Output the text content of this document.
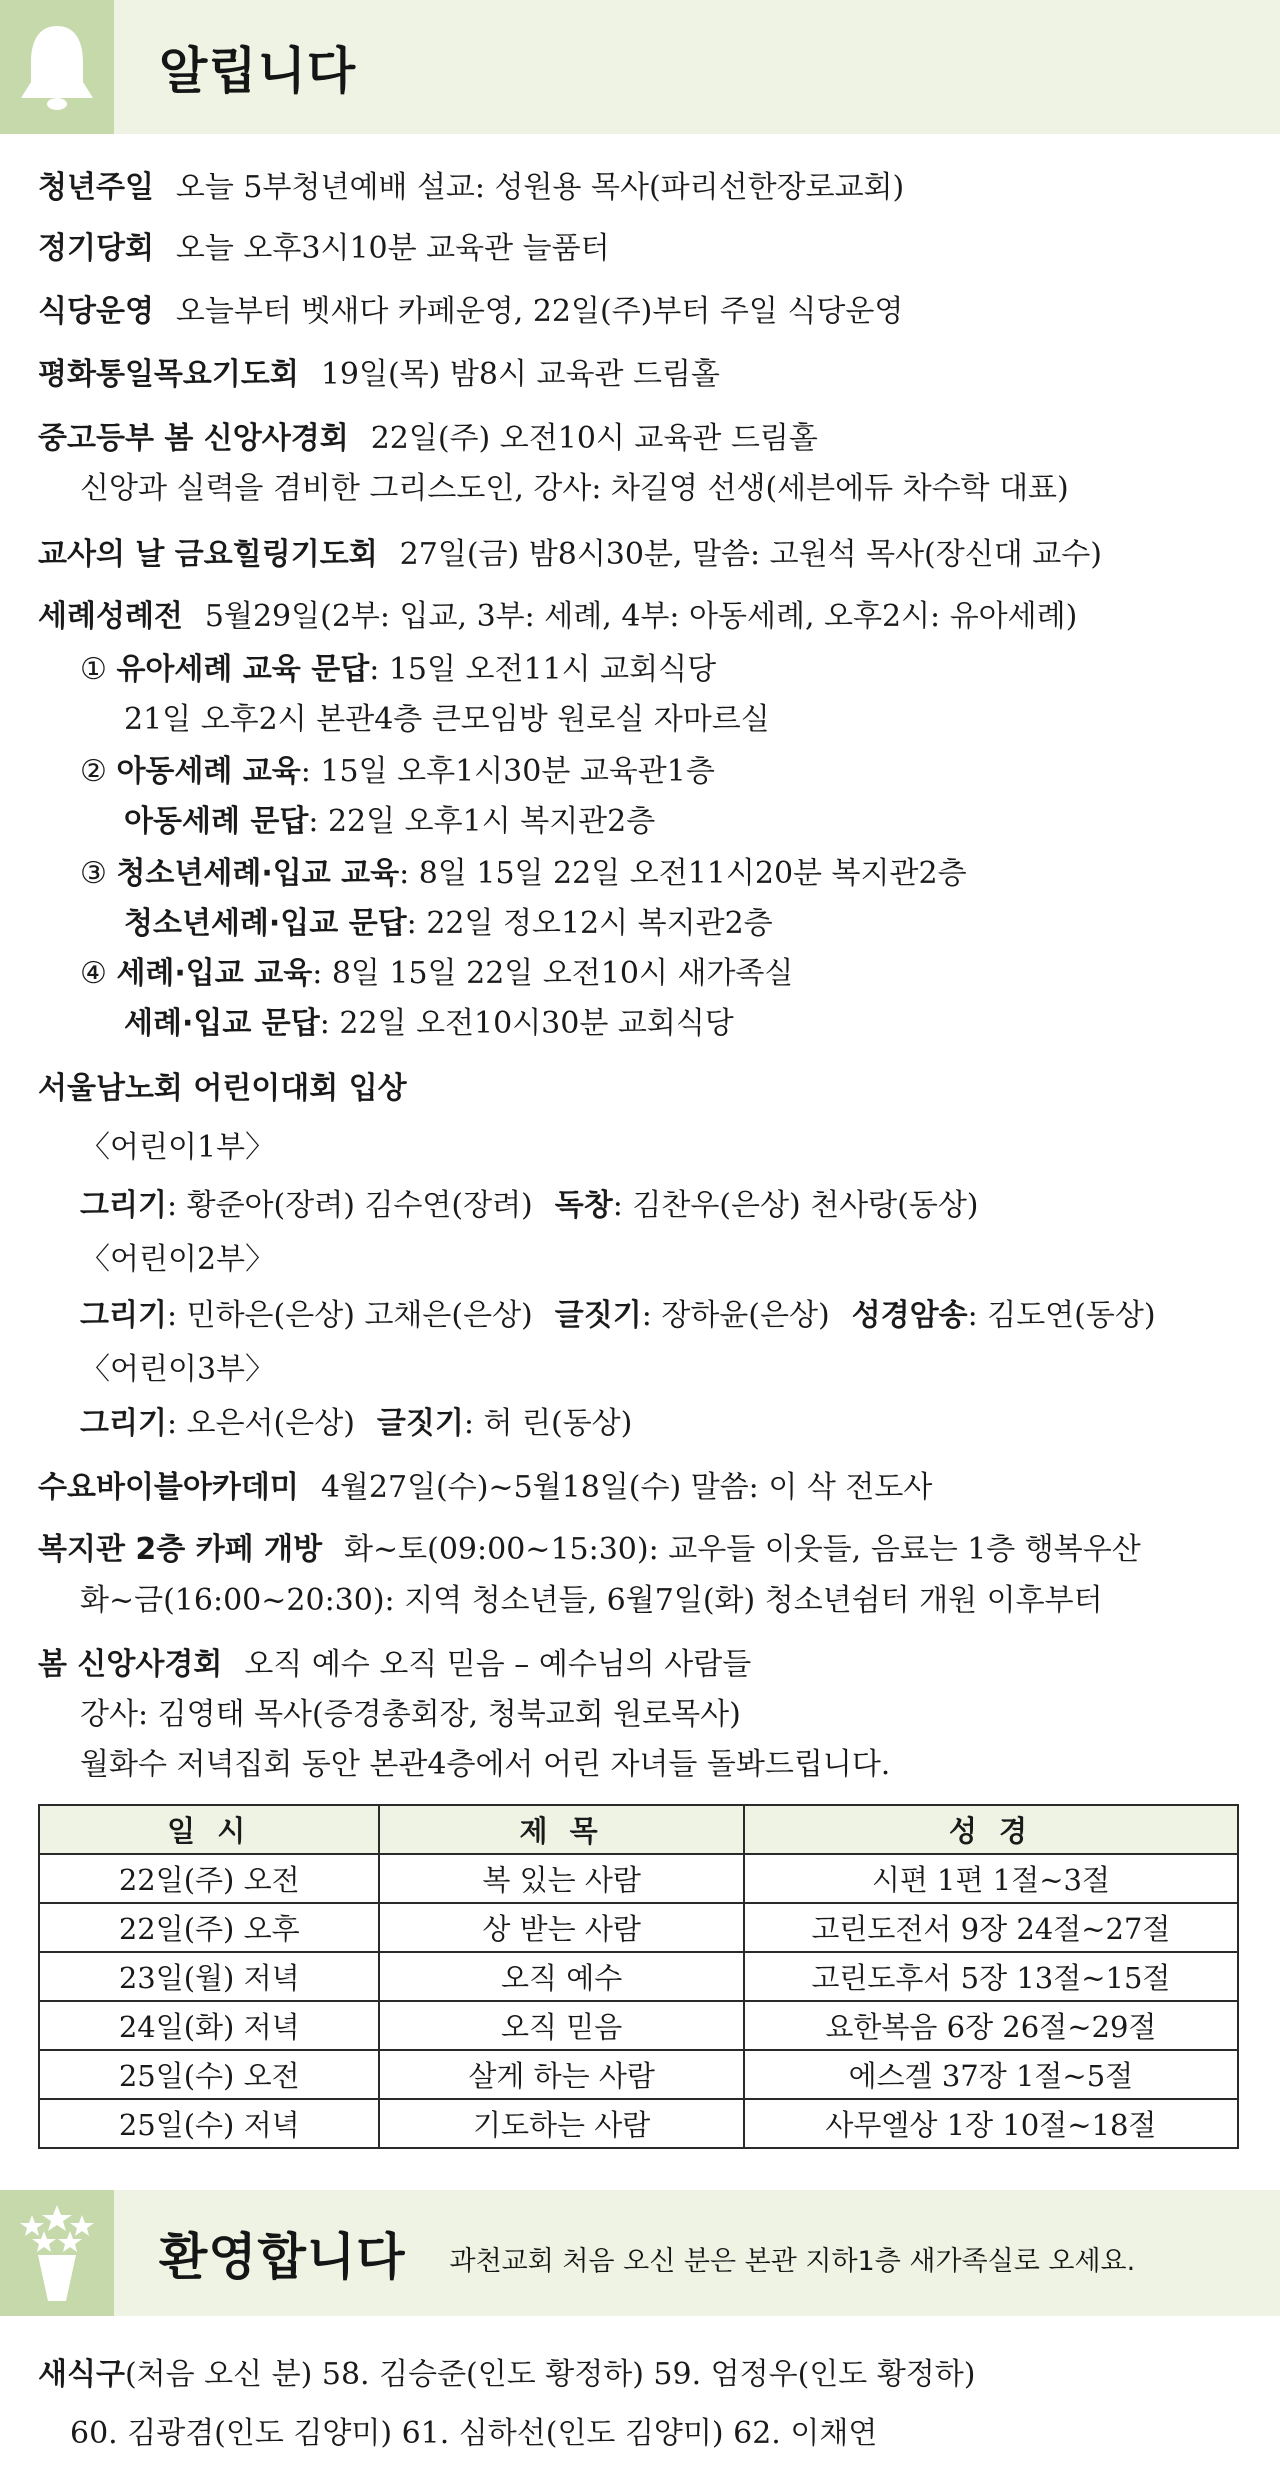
알립니다
청년주일 오늘 5부청년예배 설교: 성원용 목사(파리선한장로교회)
정기당회 오늘 오후3시10분 교육관 늘품터
식당운영 오늘부터 벳새다 카페운영, 22일(주)부터 주일 식당운영
평화통일목요기도회 19일(목) 밤8시 교육관 드림홀
중고등부 봄 신앙사경회 22일(주) 오전10시 교육관 드림홀
신앙과 실력을 겸비한 그리스도인, 강사: 차길영 선생(세븐에듀 차수학 대표)
교사의 날 금요힐링기도회 27일(금) 밤8시30분, 말씀: 고원석 목사(장신대 교수)
세례성례전 5월29일(2부: 입교, 3부: 세례, 4부: 아동세례, 오후2시: 유아세례)
① 유아세례 교육 문답: 15일 오전11시 교회식당
21일 오후2시 본관4층 큰모임방 원로실 자마르실
② 아동세례 교육: 15일 오후1시30분 교육관1층
아동세례 문답: 22일 오후1시 복지관2층
③ 청소년세례·입교 교육: 8일 15일 22일 오전11시20분 복지관2층
청소년세례·입교 문답: 22일 정오12시 복지관2층
④ 세례·입교 교육: 8일 15일 22일 오전10시 새가족실
세례·입교 문답: 22일 오전10시30분 교회식당
서울남노회 어린이대회 입상
〈어린이1부〉
그리기: 황준아(장려) 김수연(장려) 독창: 김찬우(은상) 천사랑(동상)
〈어린이2부〉
그리기: 민하은(은상) 고채은(은상) 글짓기: 장하윤(은상) 성경암송: 김도연(동상)
〈어린이3부〉
그리기: 오은서(은상) 글짓기: 허 린(동상)
수요바이블아카데미 4월27일(수)~5월18일(수) 말씀: 이 삭 전도사
복지관 2층 카페 개방 화~토(09:00~15:30): 교우들 이웃들, 음료는 1층 행복우산
화~금(16:00~20:30): 지역 청소년들, 6월7일(화) 청소년쉼터 개원 이후부터
봄 신앙사경회 오직 예수 오직 믿음 – 예수님의 사람들
강사: 김영태 목사(증경총회장, 청북교회 원로목사)
월화수 저녁집회 동안 본관4층에서 어린 자녀들 돌봐드립니다.
일 시	제 목	성 경
22일(주) 오전	복 있는 사람	시편 1편 1절~3절
22일(주) 오후	상 받는 사람	고린도전서 9장 24절~27절
23일(월) 저녁	오직 예수	고린도후서 5장 13절~15절
24일(화) 저녁	오직 믿음	요한복음 6장 26절~29절
25일(수) 오전	살게 하는 사람	에스겔 37장 1절~5절
25일(수) 저녁	기도하는 사람	사무엘상 1장 10절~18절
환영합니다 과천교회 처음 오신 분은 본관 지하1층 새가족실로 오세요.
새식구(처음 오신 분) 58. 김승준(인도 황정하) 59. 엄정우(인도 황정하)
60. 김광겸(인도 김양미) 61. 심하선(인도 김양미) 62. 이채연
